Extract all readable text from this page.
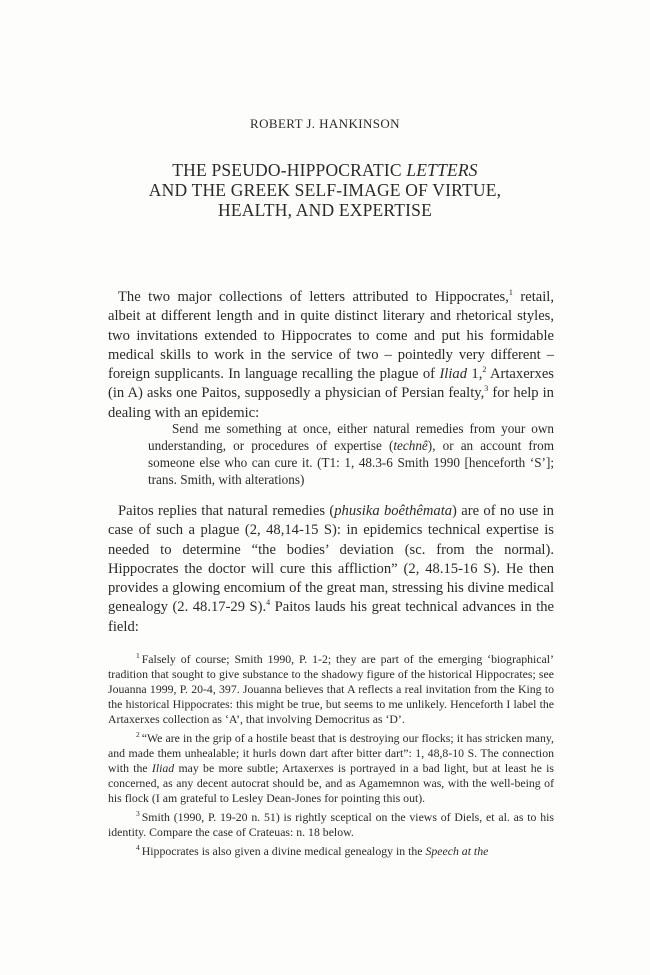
ROBERT J. HANKINSON
THE PSEUDO-HIPPOCRATIC LETTERS
AND THE GREEK SELF-IMAGE OF VIRTUE,
HEALTH, AND EXPERTISE

The two major collections of letters attributed to Hippocrates,$^1$ retail, albeit at different length and in quite distinct literary and rhetorical styles, two invitations extended to Hippocrates to come and put his formidable medical skills to work in the service of two – pointedly very different – foreign supplicants. In language recalling the plague of Iliad 1,$^2$ Artaxerxes (in A) asks one Paitos, supposedly a physician of Persian fealty,$^3$ for help in dealing with an epidemic:

Send me something at once, either natural remedies from your own understanding, or procedures of expertise (technê), or an account from someone else who can cure it. (T1: 1, 48.3-6 Smith 1990 [henceforth ‘S’]; trans. Smith, with alterations)

Paitos replies that natural remedies (phusika boêthêmata) are of no use in case of such a plague (2, 48,14-15 S): in epidemics technical expertise is needed to determine “the bodies’ deviation (sc. from the normal). Hippocrates the doctor will cure this affliction” (2, 48.15-16 S). He then provides a glowing encomium of the great man, stressing his divine medical genealogy (2. 48.17-29 S).$^4$ Paitos lauds his great technical advances in the field:

$^1$ Falsely of course; Smith 1990, P. 1-2; they are part of the emerging ‘biographical’ tradition that sought to give substance to the shadowy figure of the historical Hippocrates; see Jouanna 1999, P. 20-4, 397. Jouanna believes that A reflects a real invitation from the King to the historical Hippocrates: this might be true, but seems to me unlikely. Henceforth I label the Artaxerxes collection as ‘A’, that involving Democritus as ‘D’.

$^2$ “We are in the grip of a hostile beast that is destroying our flocks; it has stricken many, and made them unhealable; it hurls down dart after bitter dart”: 1, 48,8-10 S. The connection with the Iliad may be more subtle; Artaxerxes is portrayed in a bad light, but at least he is concerned, as any decent autocrat should be, and as Agamemnon was, with the well-being of his flock (I am grateful to Lesley Dean-Jones for pointing this out).

$^3$ Smith (1990, P. 19-20 n. 51) is rightly sceptical on the views of Diels, et al. as to his identity. Compare the case of Crateuas: n. 18 below.

$^4$ Hippocrates is also given a divine medical genealogy in the Speech at the
